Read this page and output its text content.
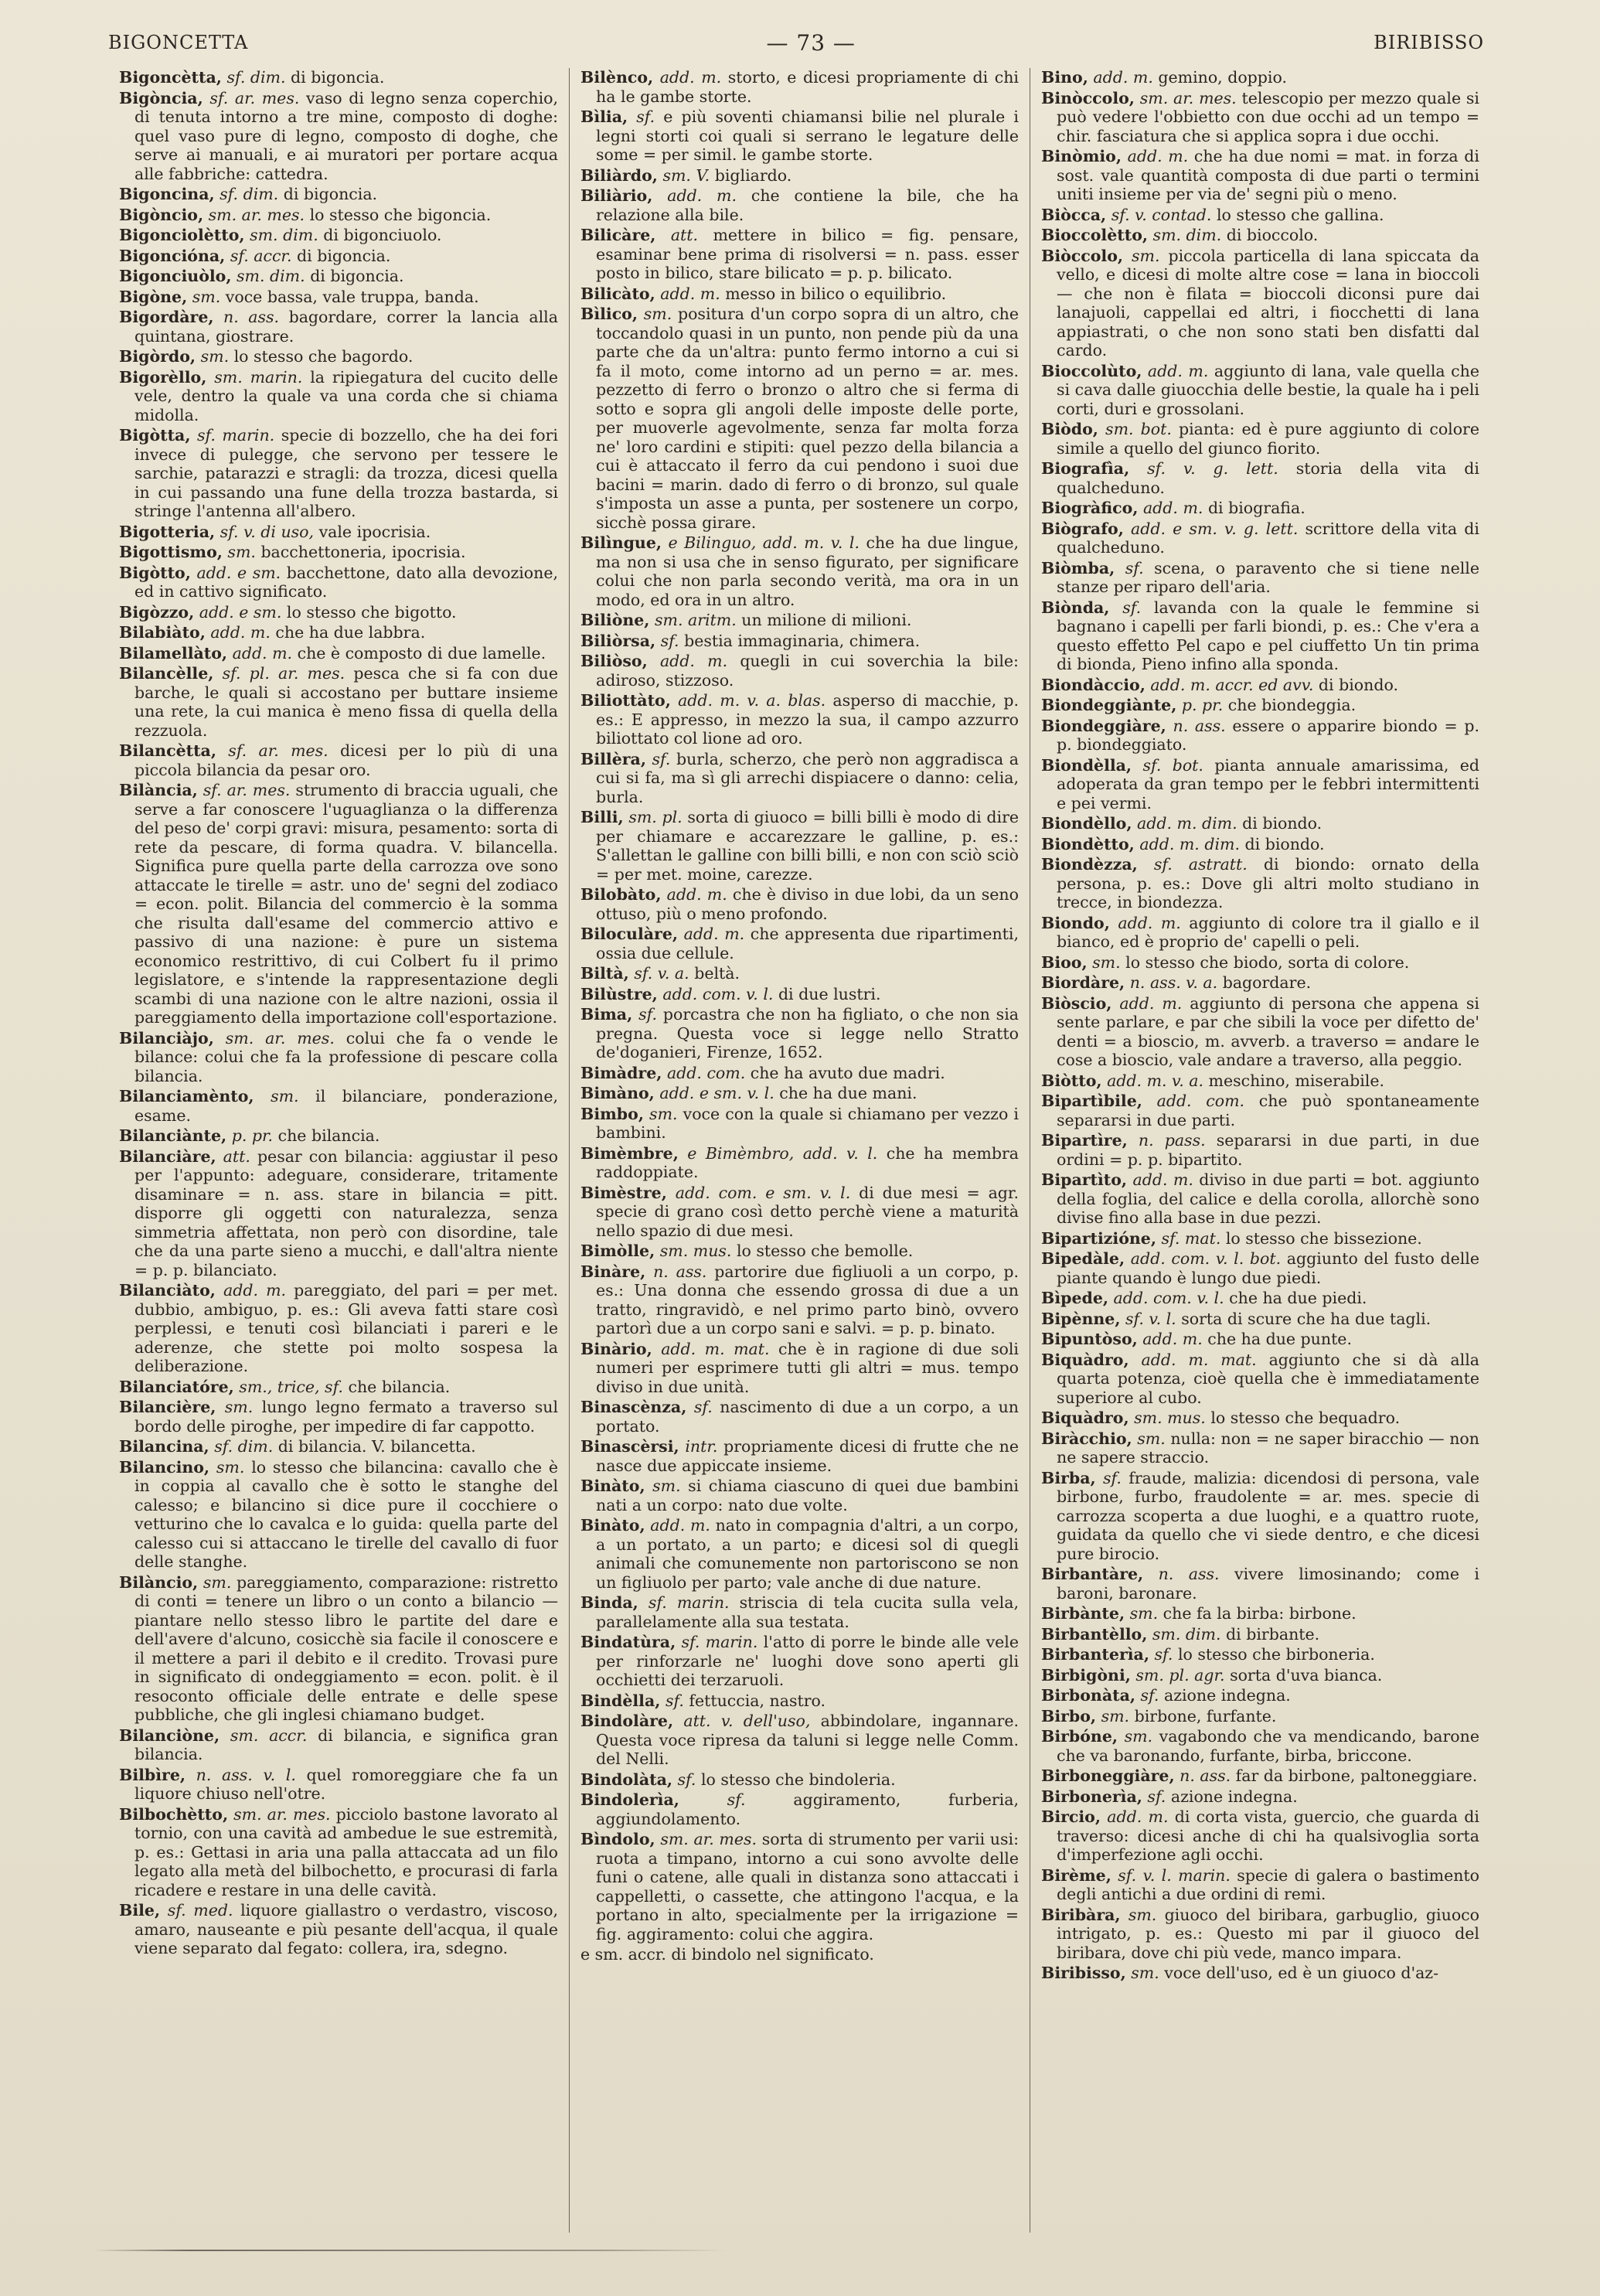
BIGONCETTA	— 73 —	BIRIBISSO

Bigoncètta, sf. dim. di bigoncia.

Bigòncia, sf. ar. mes. vaso di legno senza coperchio, di tenuta intorno a tre mine, composto di doghe: quel vaso pure di legno, composto di doghe, che serve ai manuali, e ai muratori per portare acqua alle fabbriche: cattedra.

Bigoncina, sf. dim. di bigoncia.

Bigòncio, sm. ar. mes. lo stesso che bigoncia.

Bigonciolètto, sm. dim. di bigonciuolo.

Bigoncióna, sf. accr. di bigoncia.

Bigonciuòlo, sm. dim. di bigoncia.

Bigòne, sm. voce bassa, vale truppa, banda.

Bigordàre, n. ass. bagordare, correr la lancia alla quintana, giostrare.

Bigòrdo, sm. lo stesso che bagordo.

Bigorèllo, sm. marin. la ripiegatura del cucito delle vele, dentro la quale va una corda che si chiama midolla.

Bigòtta, sf. marin. specie di bozzello, che ha dei fori invece di pulegge, che servono per tessere le sarchie, patarazzi e stragli: da trozza, dicesi quella in cui passando una fune della trozza bastarda, si stringe l'antenna all'albero.

Bigotteria, sf. v. di uso, vale ipocrisia.

Bigottismo, sm. bacchettoneria, ipocrisia.

Bigòtto, add. e sm. bacchettone, dato alla devozione, ed in cattivo significato.

Bigòzzo, add. e sm. lo stesso che bigotto.

Bilabiàto, add. m. che ha due labbra.

Bilamellàto, add. m. che è composto di due lamelle.

Bilancèlle, sf. pl. ar. mes. pesca che si fa con due barche, le quali si accostano per buttare insieme una rete, la cui manica è meno fissa di quella della rezzuola.

Bilancètta, sf. ar. mes. dicesi per lo più di una piccola bilancia da pesar oro.

Bilància, sf. ar. mes. strumento di braccia uguali, che serve a far conoscere l'uguaglianza o la differenza del peso de' corpi gravi: misura, pesamento: sorta di rete da pescare, di forma quadra. V. bilancella. Significa pure quella parte della carrozza ove sono attaccate le tirelle = astr. uno de' segni del zodiaco = econ. polit. Bilancia del commercio è la somma che risulta dall'esame del commercio attivo e passivo di una nazione: è pure un sistema economico restrittivo, di cui Colbert fu il primo legislatore, e s'intende la rappresentazione degli scambi di una nazione con le altre nazioni, ossia il pareggiamento della importazione coll'esportazione.

Bilanciàjo, sm. ar. mes. colui che fa o vende le bilance: colui che fa la professione di pescare colla bilancia.

Bilanciamènto, sm. il bilanciare, ponderazione, esame.

Bilanciànte, p. pr. che bilancia.

Bilanciàre, att. pesar con bilancia: aggiustar il peso per l'appunto: adeguare, considerare, tritamente disaminare = n. ass. stare in bilancia = pitt. disporre gli oggetti con naturalezza, senza simmetria affettata, non però con disordine, tale che da una parte sieno a mucchi, e dall'altra niente = p. p. bilanciato.

Bilanciàto, add. m. pareggiato, del pari = per met. dubbio, ambiguo, p. es.: Gli aveva fatti stare così perplessi, e tenuti così bilanciati i pareri e le aderenze, che stette poi molto sospesa la deliberazione.

Bilanciatóre, sm., trice, sf. che bilancia.

Bilancière, sm. lungo legno fermato a traverso sul bordo delle piroghe, per impedire di far cappotto.

Bilancina, sf. dim. di bilancia. V. bilancetta.

Bilancino, sm. lo stesso che bilancina: cavallo che è in coppia al cavallo che è sotto le stanghe del calesso; e bilancino si dice pure il cocchiere o vetturino che lo cavalca e lo guida: quella parte del calesso cui si attaccano le tirelle del cavallo di fuor delle stanghe.

Bilàncio, sm. pareggiamento, comparazione: ristretto di conti = tenere un libro o un conto a bilancio — piantare nello stesso libro le partite del dare e dell'avere d'alcuno, cosicchè sia facile il conoscere e il mettere a pari il debito e il credito. Trovasi pure in significato di ondeggiamento = econ. polit. è il resoconto officiale delle entrate e delle spese pubbliche, che gli inglesi chiamano budget.

Bilanciòne, sm. accr. di bilancia, e significa gran bilancia.

Bilbìre, n. ass. v. l. quel romoreggiare che fa un liquore chiuso nell'otre.

Bilbochètto, sm. ar. mes. picciolo bastone lavorato al tornio, con una cavità ad ambedue le sue estremità, p. es.: Gettasi in aria una palla attaccata ad un filo legato alla metà del bilbochetto, e procurasi di farla ricadere e restare in una delle cavità.

Bile, sf. med. liquore giallastro o verdastro, viscoso, amaro, nauseante e più pesante dell'acqua, il quale viene separato dal fegato: collera, ira, sdegno.

Bilènco, add. m. storto, e dicesi propriamente di chi ha le gambe storte.

Bìlia, sf. e più soventi chiamansi bilie nel plurale i legni storti coi quali si serrano le legature delle some = per simil. le gambe storte.

Biliàrdo, sm. V. bigliardo.

Biliàrio, add. m. che contiene la bile, che ha relazione alla bile.

Bilicàre, att. mettere in bilico = fig. pensare, esaminar bene prima di risolversi = n. pass. esser posto in bilico, stare bilicato = p. p. bilicato.

Bilicàto, add. m. messo in bilico o equilibrio.

Bìlico, sm. positura d'un corpo sopra di un altro, che toccandolo quasi in un punto, non pende più da una parte che da un'altra: punto fermo intorno a cui si fa il moto, come intorno ad un perno = ar. mes. pezzetto di ferro o bronzo o altro che si ferma di sotto e sopra gli angoli delle imposte delle porte, per muoverle agevolmente, senza far molta forza ne' loro cardini e stipiti: quel pezzo della bilancia a cui è attaccato il ferro da cui pendono i suoi due bacini = marin. dado di ferro o di bronzo, sul quale s'imposta un asse a punta, per sostenere un corpo, sicchè possa girare.

Bilìngue, e Bilinguo, add. m. v. l. che ha due lingue, ma non si usa che in senso figurato, per significare colui che non parla secondo verità, ma ora in un modo, ed ora in un altro.

Biliòne, sm. aritm. un milione di milioni.

Biliòrsa, sf. bestia immaginaria, chimera.

Biliòso, add. m. quegli in cui soverchia la bile: adiroso, stizzoso.

Biliottàto, add. m. v. a. blas. asperso di macchie, p. es.: E appresso, in mezzo la sua, il campo azzurro biliottato col lione ad oro.

Billèra, sf. burla, scherzo, che però non aggradisca a cui si fa, ma sì gli arrechi dispiacere o danno: celia, burla.

Billi, sm. pl. sorta di giuoco = billi billi è modo di dire per chiamare e accarezzare le galline, p. es.: S'allettan le galline con billi billi, e non con sciò sciò = per met. moine, carezze.

Bilobàto, add. m. che è diviso in due lobi, da un seno ottuso, più o meno profondo.

Biloculàre, add. m. che appresenta due ripartimenti, ossia due cellule.

Biltà, sf. v. a. beltà.

Bilùstre, add. com. v. l. di due lustri.

Bima, sf. porcastra che non ha figliato, o che non sia pregna. Questa voce si legge nello Stratto de'doganieri, Firenze, 1652.

Bimàdre, add. com. che ha avuto due madri.

Bimàno, add. e sm. v. l. che ha due mani.

Bimbo, sm. voce con la quale si chiamano per vezzo i bambini.

Bimèmbre, e Bimèmbro, add. v. l. che ha membra raddoppiate.

Bimèstre, add. com. e sm. v. l. di due mesi = agr. specie di grano così detto perchè viene a maturità nello spazio di due mesi.

Bimòlle, sm. mus. lo stesso che bemolle.

Binàre, n. ass. partorire due figliuoli a un corpo, p. es.: Una donna che essendo grossa di due a un tratto, ringravidò, e nel primo parto binò, ovvero partorì due a un corpo sani e salvi. = p. p. binato.

Binàrio, add. m. mat. che è in ragione di due soli numeri per esprimere tutti gli altri = mus. tempo diviso in due unità.

Binascènza, sf. nascimento di due a un corpo, a un portato.

Binascèrsi, intr. propriamente dicesi di frutte che ne nasce due appiccate insieme.

Binàto, sm. si chiama ciascuno di quei due bambini nati a un corpo: nato due volte.

Binàto, add. m. nato in compagnia d'altri, a un corpo, a un portato, a un parto; e dicesi sol di quegli animali che comunemente non partoriscono se non un figliuolo per parto; vale anche di due nature.

Binda, sf. marin. striscia di tela cucita sulla vela, parallelamente alla sua testata.

Bindatùra, sf. marin. l'atto di porre le binde alle vele per rinforzarle ne' luoghi dove sono aperti gli occhietti dei terzaruoli.

Bindèlla, sf. fettuccia, nastro.

Bindolàre, att. v. dell'uso, abbindolare, ingannare. Questa voce ripresa da taluni si legge nelle Comm. del Nelli.

Bindolàta, sf. lo stesso che bindoleria.

Bindolerìa,	sf.	aggiramento, furberia, aggiundolamento.

Bìndolo, sm. ar. mes. sorta di strumento per varii usi: ruota a timpano, intorno a cui sono avvolte delle funi o catene, alle quali in distanza sono attaccati i cappelletti, o cassette, che attingono l'acqua, e la portano in alto, specialmente per la irrigazione = fig. aggiramento: colui che aggira.

e sm. accr. di bindolo nel significato.

Bino, add. m. gemino, doppio.

Binòccolo, sm. ar. mes. telescopio per mezzo quale si può vedere l'obbietto con due occhi ad un tempo = chir. fasciatura che si applica sopra i due occhi.

Binòmio, add. m. che ha due nomi = mat. in forza di sost. vale quantità composta di due parti o termini uniti insieme per via de' segni più o meno.

Biòcca, sf. v. contad. lo stesso che gallina.

Bioccolètto, sm. dim. di bioccolo.

Biòccolo, sm. piccola particella di lana spiccata da vello, e dicesi di molte altre cose = lana in bioccoli — che non è filata = bioccoli diconsi pure dai lanajuoli, cappellai ed altri, i fiocchetti di lana appiastrati, o che non sono stati ben disfatti dal cardo.

Bioccolùto, add. m. aggiunto di lana, vale quella che si cava dalle giuocchia delle bestie, la quale ha i peli corti, duri e grossolani.

Biòdo, sm. bot. pianta: ed è pure aggiunto di colore simile a quello del giunco fiorito.

Biografìa, sf. v. g. lett. storia della vita di qualcheduno.

Biogràfico, add. m. di biografia.

Biògrafo, add. e sm. v. g. lett. scrittore della vita di qualcheduno.

Biòmba, sf. scena, o paravento che si tiene nelle stanze per riparo dell'aria.

Biònda, sf. lavanda con la quale le femmine si bagnano i capelli per farli biondi, p. es.: Che v'era a questo effetto Pel capo e pel ciuffetto Un tin prima di bionda, Pieno infino alla sponda.

Biondàccio, add. m. accr. ed avv. di biondo.

Biondeggiànte, p. pr. che biondeggia.

Biondeggiàre, n. ass. essere o apparire biondo = p. p. biondeggiato.

Biondèlla, sf. bot. pianta annuale amarissima, ed adoperata da gran tempo per le febbri intermittenti e pei vermi.

Biondèllo, add. m. dim. di biondo.

Biondètto, add. m. dim. di biondo.

Biondèzza, sf. astratt. di biondo: ornato della persona, p. es.: Dove gli altri molto studiano in trecce, in biondezza.

Biondo, add. m. aggiunto di colore tra il giallo e il bianco, ed è proprio de' capelli o peli.

Bioo, sm. lo stesso che biodo, sorta di colore.

Biordàre, n. ass. v. a. bagordare.

Biòscio, add. m. aggiunto di persona che appena si sente parlare, e par che sibili la voce per difetto de' denti = a bioscio, m. avverb. a traverso = andare le cose a bioscio, vale andare a traverso, alla peggio.

Biòtto, add. m. v. a. meschino, miserabile.

Bipartìbile, add. com. che può spontaneamente separarsi in due parti.

Bipartìre, n. pass. separarsi in due parti, in due ordini = p. p. bipartito.

Bipartìto, add. m. diviso in due parti = bot. aggiunto della foglia, del calice e della corolla, allorchè sono divise fino alla base in due pezzi.

Bipartizióne, sf. mat. lo stesso che bissezione.

Bipedàle, add. com. v. l. bot. aggiunto del fusto delle piante quando è lungo due piedi.

Bìpede, add. com. v. l. che ha due piedi.

Bipènne, sf. v. l. sorta di scure che ha due tagli.

Bipuntòso, add. m. che ha due punte.

Biquàdro, add. m. mat. aggiunto che si dà alla quarta potenza, cioè quella che è immediatamente superiore al cubo.

Biquàdro, sm. mus. lo stesso che bequadro.

Biràcchio, sm. nulla: non = ne saper biracchio — non ne sapere straccio.

Birba, sf. fraude, malizia: dicendosi di persona, vale birbone, furbo, fraudolente = ar. mes. specie di carrozza scoperta a due luoghi, e a quattro ruote, guidata da quello che vi siede dentro, e che dicesi pure birocio.

Birbantàre, n. ass. vivere limosinando; come i baroni, baronare.

Birbànte, sm. che fa la birba: birbone.

Birbantèllo, sm. dim. di birbante.

Birbanterìa, sf. lo stesso che birboneria.

Birbigòni, sm. pl. agr. sorta d'uva bianca.

Birbonàta, sf. azione indegna.

Birbo, sm. birbone, furfante.

Birbóne, sm. vagabondo che va mendicando, barone che va baronando, furfante, birba, briccone.

Birboneggiàre, n. ass. far da birbone, paltoneggiare.

Birbonerìa, sf. azione indegna.

Bircio, add. m. di corta vista, guercio, che guarda di traverso: dicesi anche di chi ha qualsivoglia sorta d'imperfezione agli occhi.

Birème, sf. v. l. marin. specie di galera o bastimento degli antichi a due ordini di remi.

Biribàra, sm. giuoco del biribara, garbuglio, giuoco intrigato, p. es.: Questo mi par il giuoco del biribara, dove chi più vede, manco impara.

Biribisso, sm. voce dell'uso, ed è un giuoco d'az-
